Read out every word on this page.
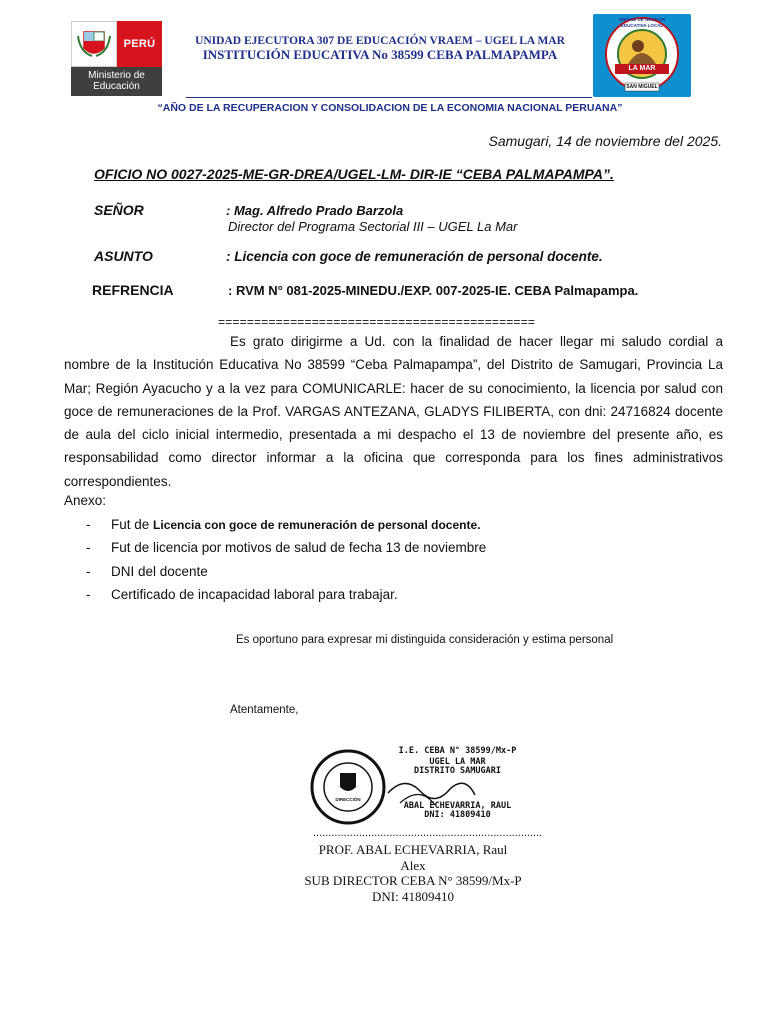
PERÚ
Ministerio de
Educación
UNIDAD EJECUTORA 307 DE EDUCACIÓN VRAEM – UGEL LA MAR
INSTITUCIÓN EDUCATIVA No 38599 CEBA PALMAPAMPA
LA MAR
SAN MIGUEL
UNIDAD DE GESTIÓN EDUCATIVA LOCAL
“AÑO DE LA RECUPERACION Y CONSOLIDACION DE LA ECONOMIA NACIONAL PERUANA”
Samugari, 14 de noviembre del 2025.
OFICIO NO 0027-2025-ME-GR-DREA/UGEL-LM- DIR-IE “CEBA PALMAPAMPA”.
SEÑOR	: Mag. Alfredo Prado Barzola
Director del Programa Sectorial III – UGEL La Mar
ASUNTO	: Licencia con goce de remuneración de personal docente.
REFRENCIA	: RVM N° 081-2025-MINEDU./EXP. 007-2025-IE. CEBA Palmapampa.
============================================
Es grato dirigirme a Ud. con la finalidad de hacer llegar mi saludo cordial a nombre de la Institución Educativa No 38599 “Ceba Palmapampa”, del Distrito de Samugari, Provincia La Mar; Región Ayacucho y a la vez para COMUNICARLE: hacer de su conocimiento, la licencia por salud con goce de remuneraciones de la Prof. VARGAS ANTEZANA, GLADYS FILIBERTA, con dni: 24716824 docente de aula del ciclo inicial intermedio, presentada a mi despacho el 13 de noviembre del presente año, es responsabilidad como director informar a la oficina que corresponda para los fines administrativos correspondientes.
Anexo:
-	Fut de Licencia con goce de remuneración de personal docente.
-	Fut de licencia por motivos de salud de fecha 13 de noviembre
-	DNI del docente
-	Certificado de incapacidad laboral para trabajar.
Es oportuno para expresar mi distinguida consideración y estima personal
Atentamente,
DIRECCIÓN
I.E. CEBA N° 38599/Mx-P
UGEL LA MAR
DISTRITO SAMUGARI
ABAL ECHEVARRIA, RAUL
DNI: 41809410
...........................................................................
PROF. ABAL ECHEVARRIA, Raul
Alex
SUB DIRECTOR CEBA N° 38599/Mx-P
DNI: 41809410
